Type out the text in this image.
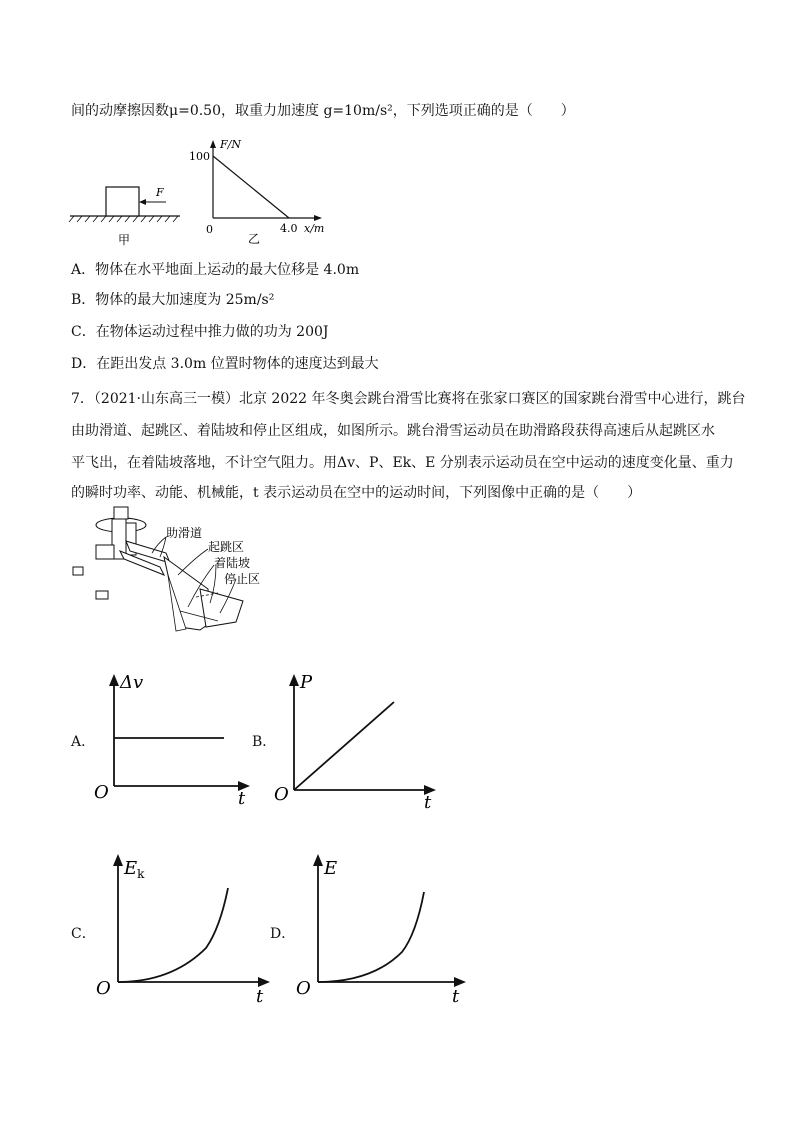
间的动摩擦因数μ=0.50，取重力加速度 g=10m/s²，下列选项正确的是（　　）
F
甲
F/N
100
0	4.0 x/m
乙
A．物体在水平地面上运动的最大位移是 4.0m
B．物体的最大加速度为 25m/s²
C．在物体运动过程中推力做的功为 200J
D．在距出发点 3.0m 位置时物体的速度达到最大
7．（2021·山东高三一模）北京 2022 年冬奥会跳台滑雪比赛将在张家口赛区的国家跳台滑雪中心进行，跳台
由助滑道、起跳区、着陆坡和停止区组成，如图所示。跳台滑雪运动员在助滑路段获得高速后从起跳区水
平飞出，在着陆坡落地，不计空气阻力。用Δv、P、Ek、E 分别表示运动员在空中运动的速度变化量、重力
的瞬时功率、动能、机械能，t 表示运动员在空中的运动时间，下列图像中正确的是（　　）
助滑道
起跳区
着陆坡
停止区
A．
Δv
O	t
B．
P
O	t
C．
$E_k$
O	t
D．
E
O	t
